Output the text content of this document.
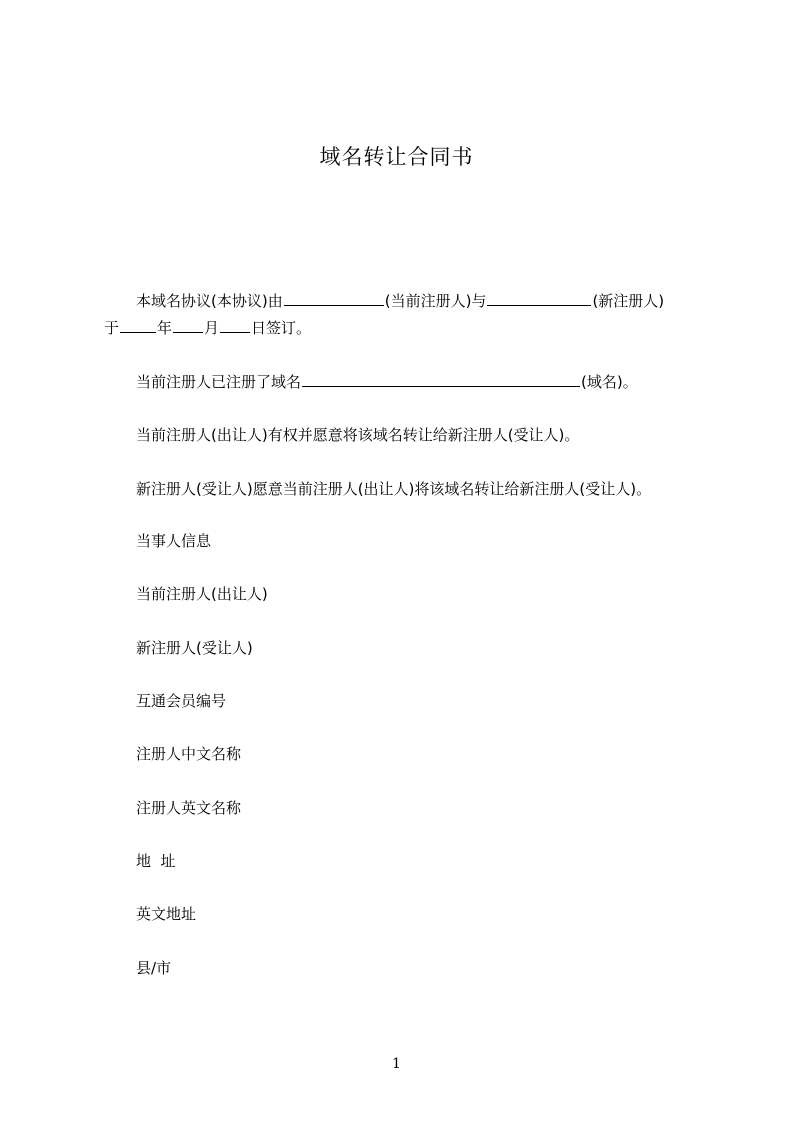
域名转让合同书
本域名协议(本协议)由	(当前注册人)与	(新注册人)
于	年 月 日签订。
当前注册人已注册了域名	(域名)。
当前注册人(出让人)有权并愿意将该域名转让给新注册人(受让人)。
新注册人(受让人)愿意当前注册人(出让人)将该域名转让给新注册人(受让人)。
当事人信息
当前注册人(出让人)
新注册人(受让人)
互通会员编号
注册人中文名称
注册人英文名称
地  址
英文地址
县/市
1
